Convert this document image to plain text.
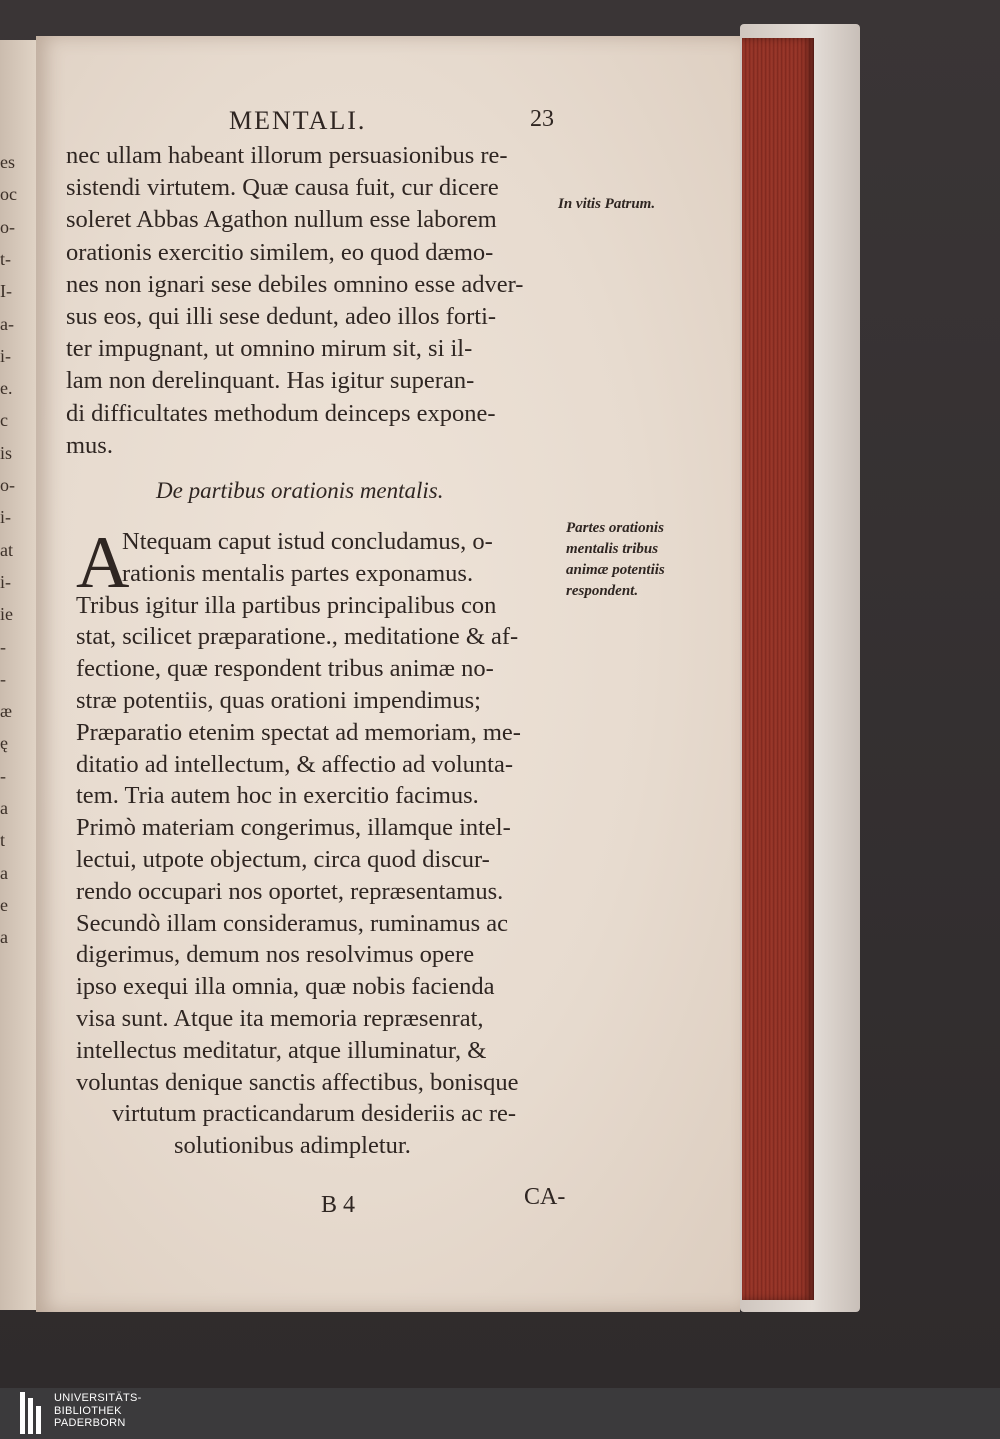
es
oc
o-
t-
I-
a-
i-
e.
c
is
o-
i-
at
i-
ie
-
-
æ
ę
-
a
t
a
e
a
MENTALI.	23
nec ullam habeant illorum persuasionibus re-
sistendi virtutem. Quæ causa fuit, cur dicere
soleret Abbas Agathon nullum esse laborem
orationis exercitio similem, eo quod dæmo-
nes non ignari sese debiles omnino esse adver-
sus eos, qui illi sese dedunt, adeo illos forti-
ter impugnant, ut omnino mirum sit, si il-
lam non derelinquant. Has igitur superan-
di difficultates methodum deinceps expone-
mus.
In vitis Patrum.
De partibus orationis mentalis.
A
Ntequam caput istud concludamus, o-
rationis mentalis partes exponamus.
Tribus igitur illa partibus principalibus con
stat, scilicet præparatione., meditatione & af-
fectione, quæ respondent tribus animæ no-
stræ potentiis, quas orationi impendimus;
Præparatio etenim spectat ad memoriam, me-
ditatio ad intellectum, & affectio ad volunta-
tem. Tria autem hoc in exercitio facimus.
Primò materiam congerimus, illamque intel-
lectui, utpote objectum, circa quod discur-
rendo occupari nos oportet, repræsentamus.
Secundò illam consideramus, ruminamus ac
digerimus, demum nos resolvimus opere
ipso exequi illa omnia, quæ nobis facienda
visa sunt. Atque ita memoria repræsenrat,
intellectus meditatur, atque illuminatur, &
voluntas denique sanctis affectibus, bonisque
virtutum practicandarum desideriis ac re-
solutionibus adimpletur.
Partes orationis mentalis tribus animæ potentiis respondent.
B 4	CA-
UNIVERSITÄTS-
BIBLIOTHEK
PADERBORN
